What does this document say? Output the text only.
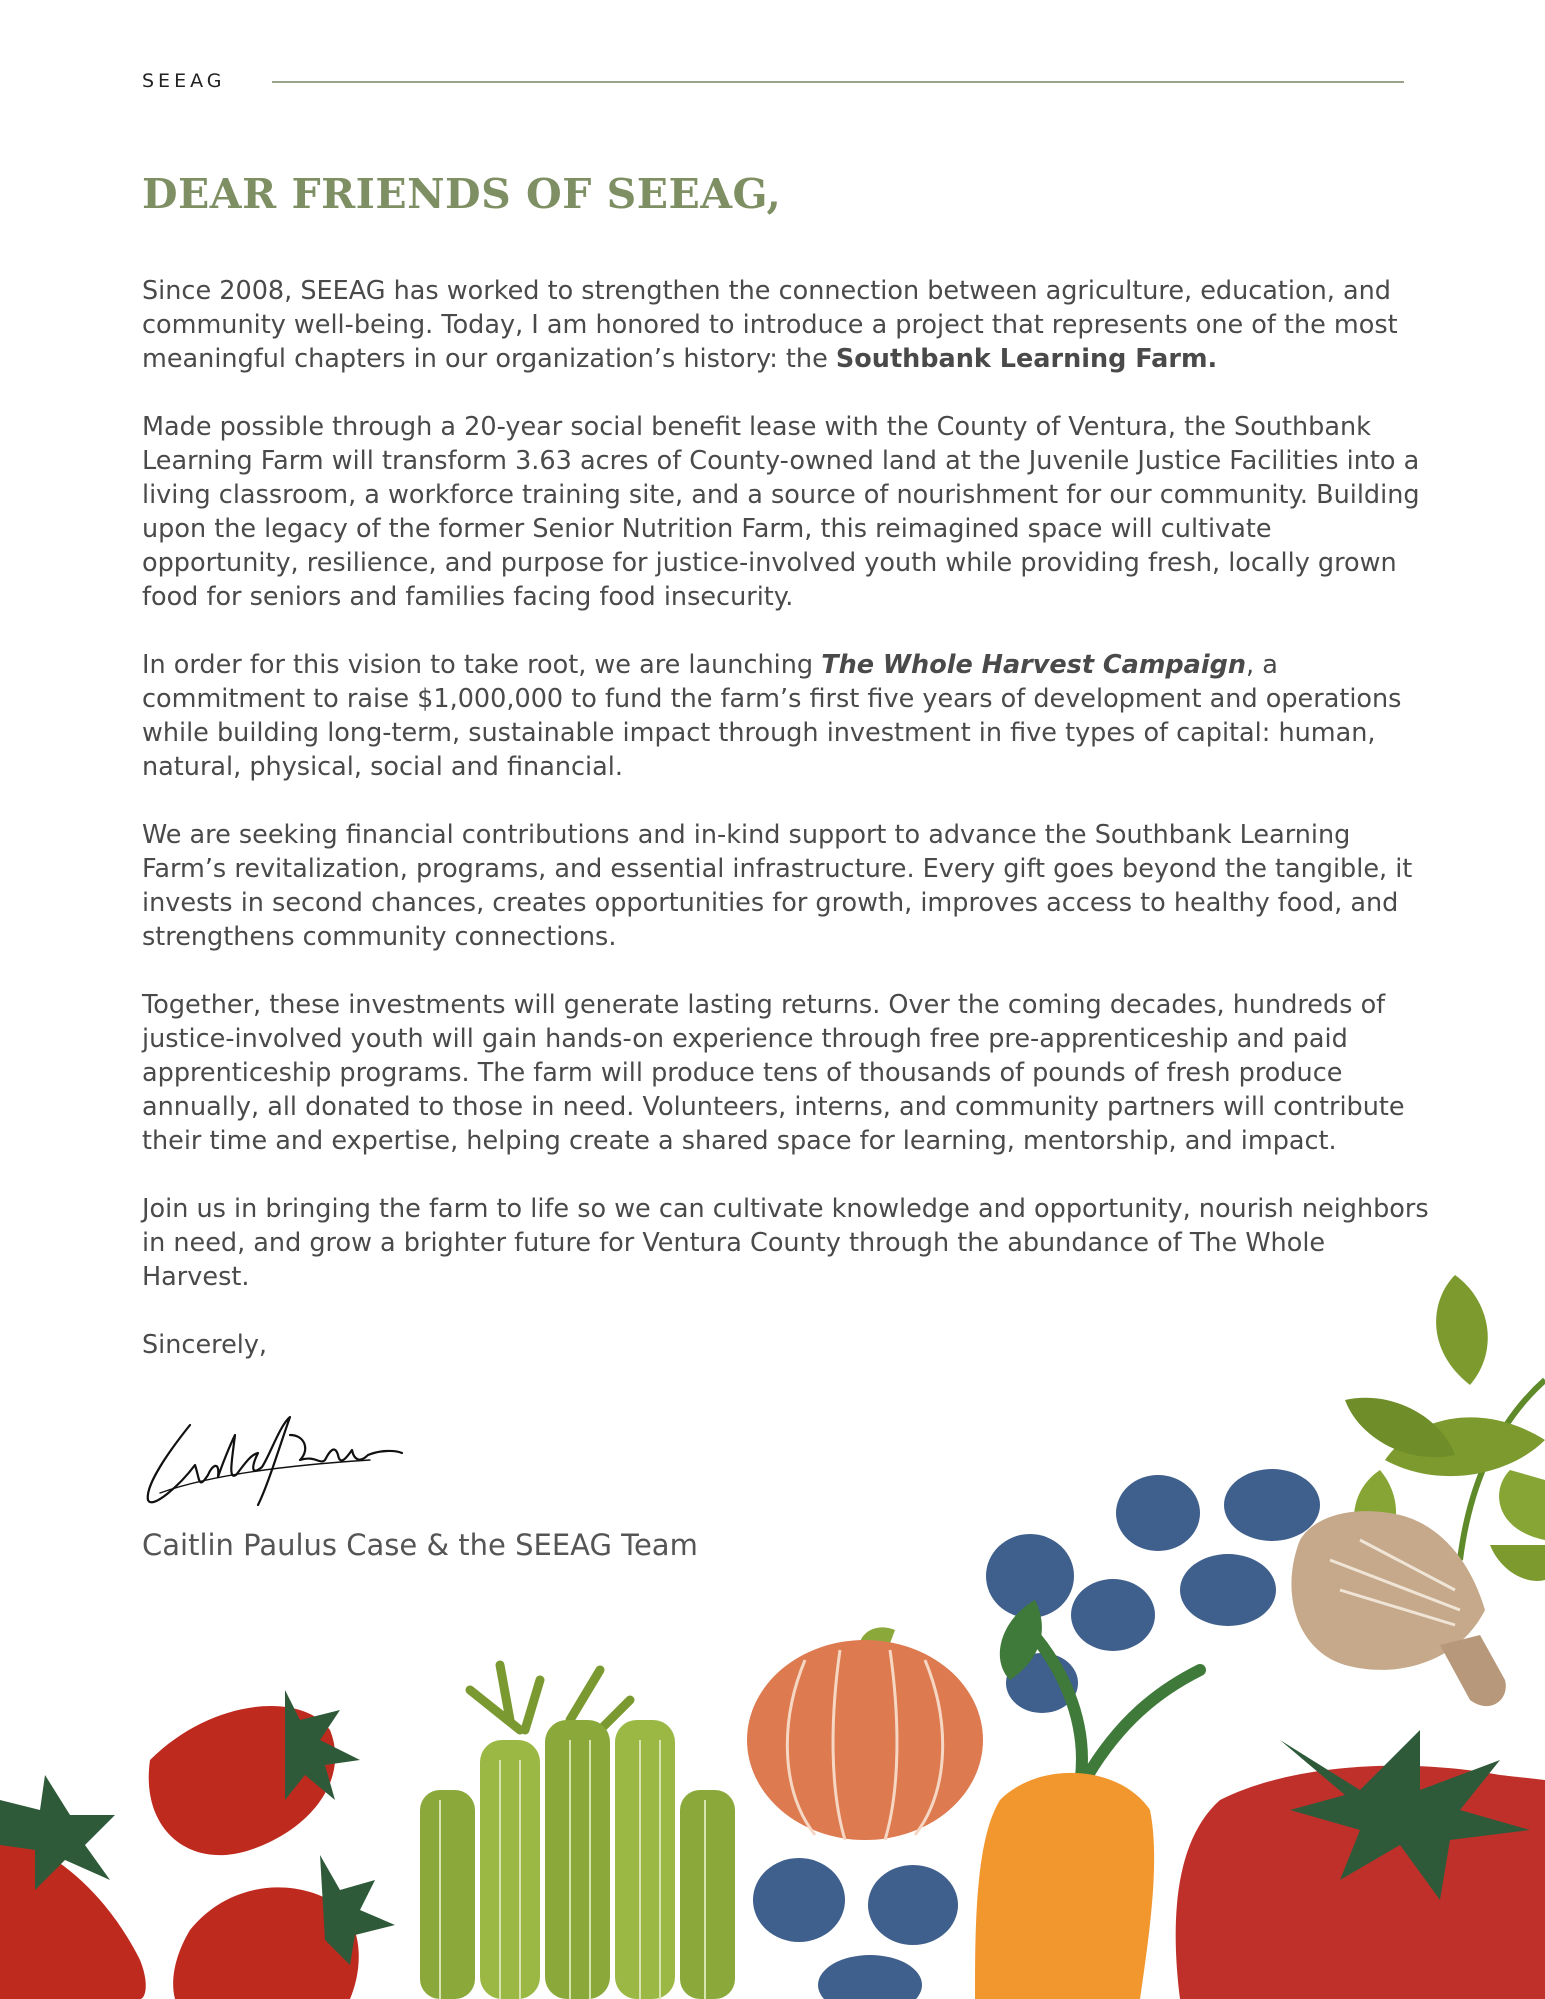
SEEAG
DEAR FRIENDS OF SEEAG,

Since 2008, SEEAG has worked to strengthen the connection between agriculture, education, and community well-being. Today, I am honored to introduce a project that represents one of the most meaningful chapters in our organization’s history: the Southbank Learning Farm.

Made possible through a 20-year social benefit lease with the County of Ventura, the Southbank Learning Farm will transform 3.63 acres of County-owned land at the Juvenile Justice Facilities into a living classroom, a workforce training site, and a source of nourishment for our community. Building upon the legacy of the former Senior Nutrition Farm, this reimagined space will cultivate opportunity, resilience, and purpose for justice-involved youth while providing fresh, locally grown food for seniors and families facing food insecurity.

In order for this vision to take root, we are launching The Whole Harvest Campaign, a commitment to raise $1,000,000 to fund the farm’s first five years of development and operations while building long-term, sustainable impact through investment in five types of capital: human, natural, physical, social and financial.

We are seeking financial contributions and in-kind support to advance the Southbank Learning Farm’s revitalization, programs, and essential infrastructure. Every gift goes beyond the tangible, it invests in second chances, creates opportunities for growth, improves access to healthy food, and strengthens community connections.

Together, these investments will generate lasting returns. Over the coming decades, hundreds of justice-involved youth will gain hands-on experience through free pre-apprenticeship and paid apprenticeship programs. The farm will produce tens of thousands of pounds of fresh produce annually, all donated to those in need. Volunteers, interns, and community partners will contribute their time and expertise, helping create a shared space for learning, mentorship, and impact.

Join us in bringing the farm to life so we can cultivate knowledge and opportunity, nourish neighbors in need, and grow a brighter future for Ventura County through the abundance of The Whole Harvest.

Sincerely,

Caitlin Paulus Case & the SEEAG Team
